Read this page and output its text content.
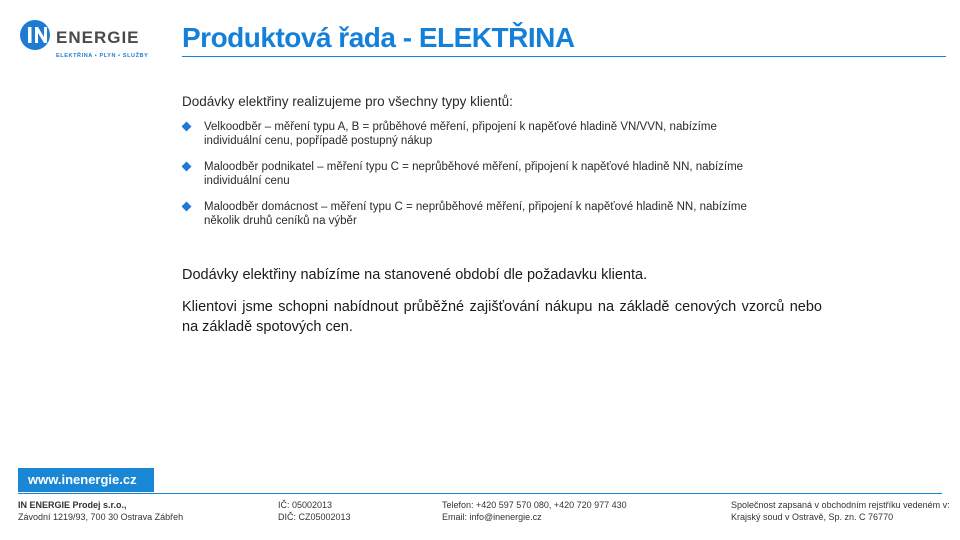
ENERGIE
ELEKTŘINA • PLYN • SLUŽBY
Produktová řada - ELEKTŘINA
Dodávky elektřiny realizujeme pro všechny typy klientů:
Velkoodběr – měření typu A, B = průběhové měření, připojení k napěťové hladině VN/VVN, nabízíme
individuální cenu, popřípadě postupný nákup
Maloodběr podnikatel – měření typu C = neprůběhové měření, připojení k napěťové hladině NN, nabízíme
individuální cenu
Maloodběr domácnost – měření typu C = neprůběhové měření, připojení k napěťové hladině NN, nabízíme
několik druhů ceníků na výběr
Dodávky elektřiny nabízíme na stanovené období dle požadavku klienta.
Klientovi jsme schopni nabídnout průběžné zajišťování nákupu na základě cenových vzorců nebo na základě spotových cen.
www.inenergie.cz
IN ENERGIE Prodej s.r.o.,
Závodní 1219/93, 700 30 Ostrava Zábřeh
IČ: 05002013
DIČ: CZ05002013
Telefon: +420 597 570 080, +420 720 977 430
Email: info@inenergie.cz
Společnost zapsaná v obchodním rejstříku vedeném v:
Krajský soud v Ostravě, Sp. zn. C 76770
